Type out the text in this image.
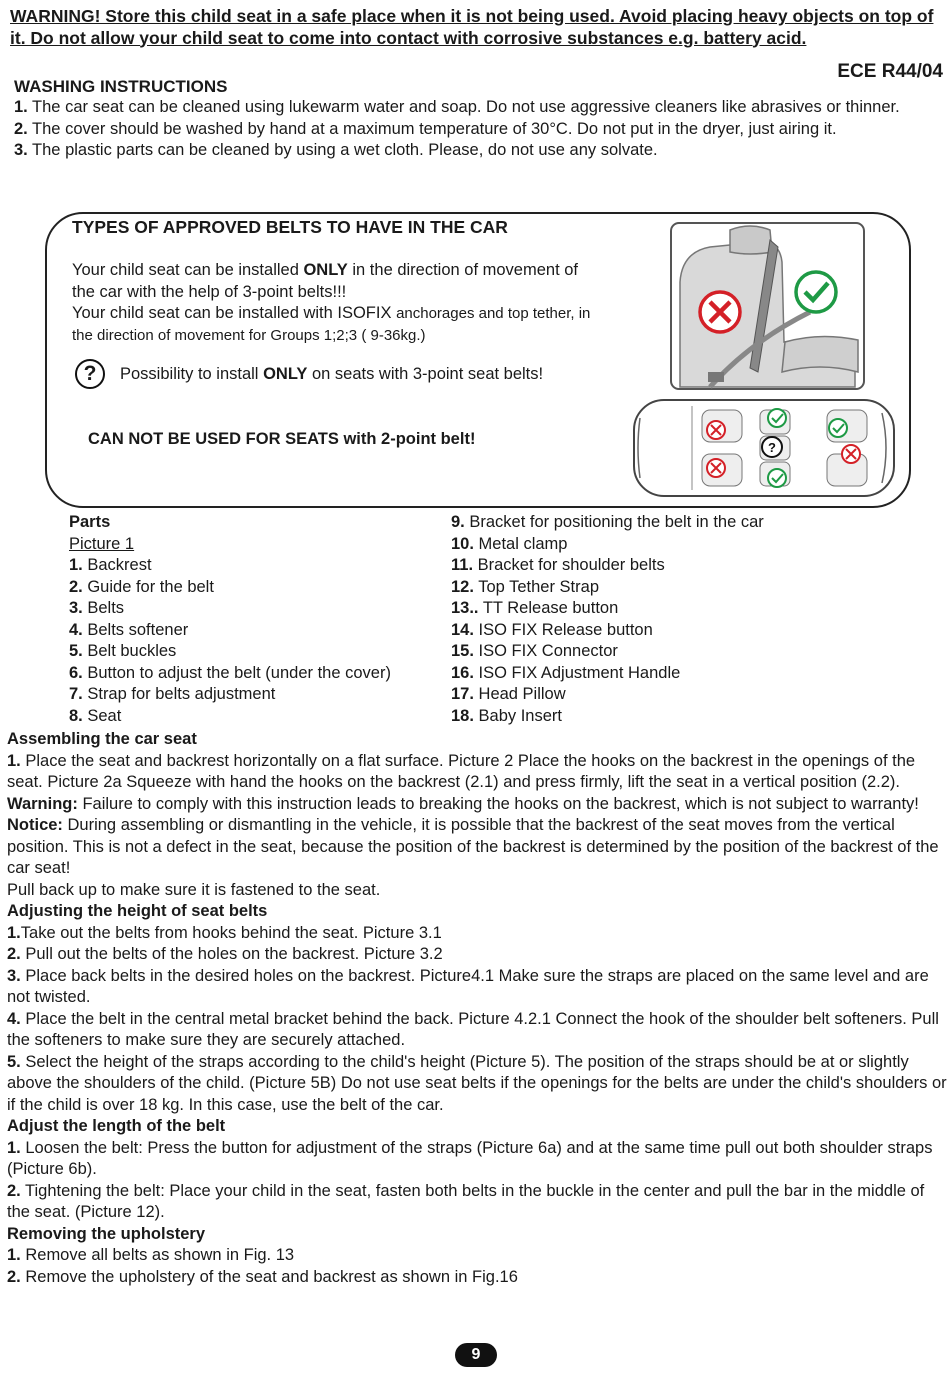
WARNING! Store this child seat in a safe place when it is not being used. Avoid placing heavy objects on top of it. Do not allow your child seat to come into contact with corrosive substances e.g. battery acid.
ECE R44/04
WASHING INSTRUCTIONS

1. The car seat can be cleaned using lukewarm water and soap. Do not use aggressive cleaners like abrasives or thinner.

2. The cover should be washed by hand at a maximum temperature of 30°C. Do not put in the dryer, just airing it.

3. The plastic parts can be cleaned by using a wet cloth. Please, do not use any solvate.

TYPES OF APPROVED BELTS TO HAVE IN THE CAR
Your child seat can be installed ONLY in the direction of movement of the car with the help of 3-point belts!!!
Your child seat can be installed with ISOFIX anchorages and top tether, in the direction of movement for Groups 1;2;3 ( 9-36kg.)
?	Possibility to install ONLY on seats with 3-point seat belts!
CAN NOT BE USED FOR SEATS with 2-point belt!	?
Parts
Picture 1
1. Backrest
2. Guide for the belt
3. Belts
4. Belts softener
5. Belt buckles
6. Button to adjust the belt (under the cover)
7. Strap for belts adjustment
8. Seat
9. Bracket for positioning the belt in the car
10. Metal clamp
11. Bracket for shoulder belts
12. Top Tether Strap
13.. TT Release button
14. ISO FIX Release button
15. ISO FIX Connector
16. ISO FIX Adjustment Handle
17. Head Pillow
18. Baby Insert

Assembling the car seat

1. Place the seat and backrest horizontally on a flat surface. Picture 2 Place the hooks on the backrest in the openings of the seat. Picture 2a Squeeze with hand the hooks on the backrest (2.1) and press firmly, lift the seat in a vertical position (2.2).

Warning: Failure to comply with this instruction leads to breaking the hooks on the backrest, which is not subject to warranty!

Notice: During assembling or dismantling in the vehicle, it is possible that the backrest of the seat moves from the vertical position. This is not a defect in the seat, because the position of the backrest is determined by the position of the backrest of the car seat!

Pull back up to make sure it is fastened to the seat.

Adjusting the height of seat belts

1.Take out the belts from hooks behind the seat. Picture 3.1

2. Pull out the belts of the holes on the backrest. Picture 3.2

3. Place back belts in the desired holes on the backrest. Picture4.1 Make sure the straps are placed on the same level and are not twisted.

4. Place the belt in the central metal bracket behind the back. Picture 4.2.1 Connect the hook of the shoulder belt softeners. Pull the softeners to make sure they are securely attached.

5. Select the height of the straps according to the child's height (Picture 5). The position of the straps should be at or slightly above the shoulders of the child. (Picture 5B) Do not use seat belts if the openings for the belts are under the child's shoulders or if the child is over 18 kg. In this case, use the belt of the car.

Adjust the length of the belt

1. Loosen the belt: Press the button for adjustment of the straps (Picture 6a) and at the same time pull out both shoulder straps (Picture 6b).

2. Tightening the belt: Place your child in the seat, fasten both belts in the buckle in the center and pull the bar in the middle of the seat. (Picture 12).

Removing the upholstery

1. Remove all belts as shown in Fig. 13

2. Remove the upholstery of the seat and backrest as shown in Fig.16

9
